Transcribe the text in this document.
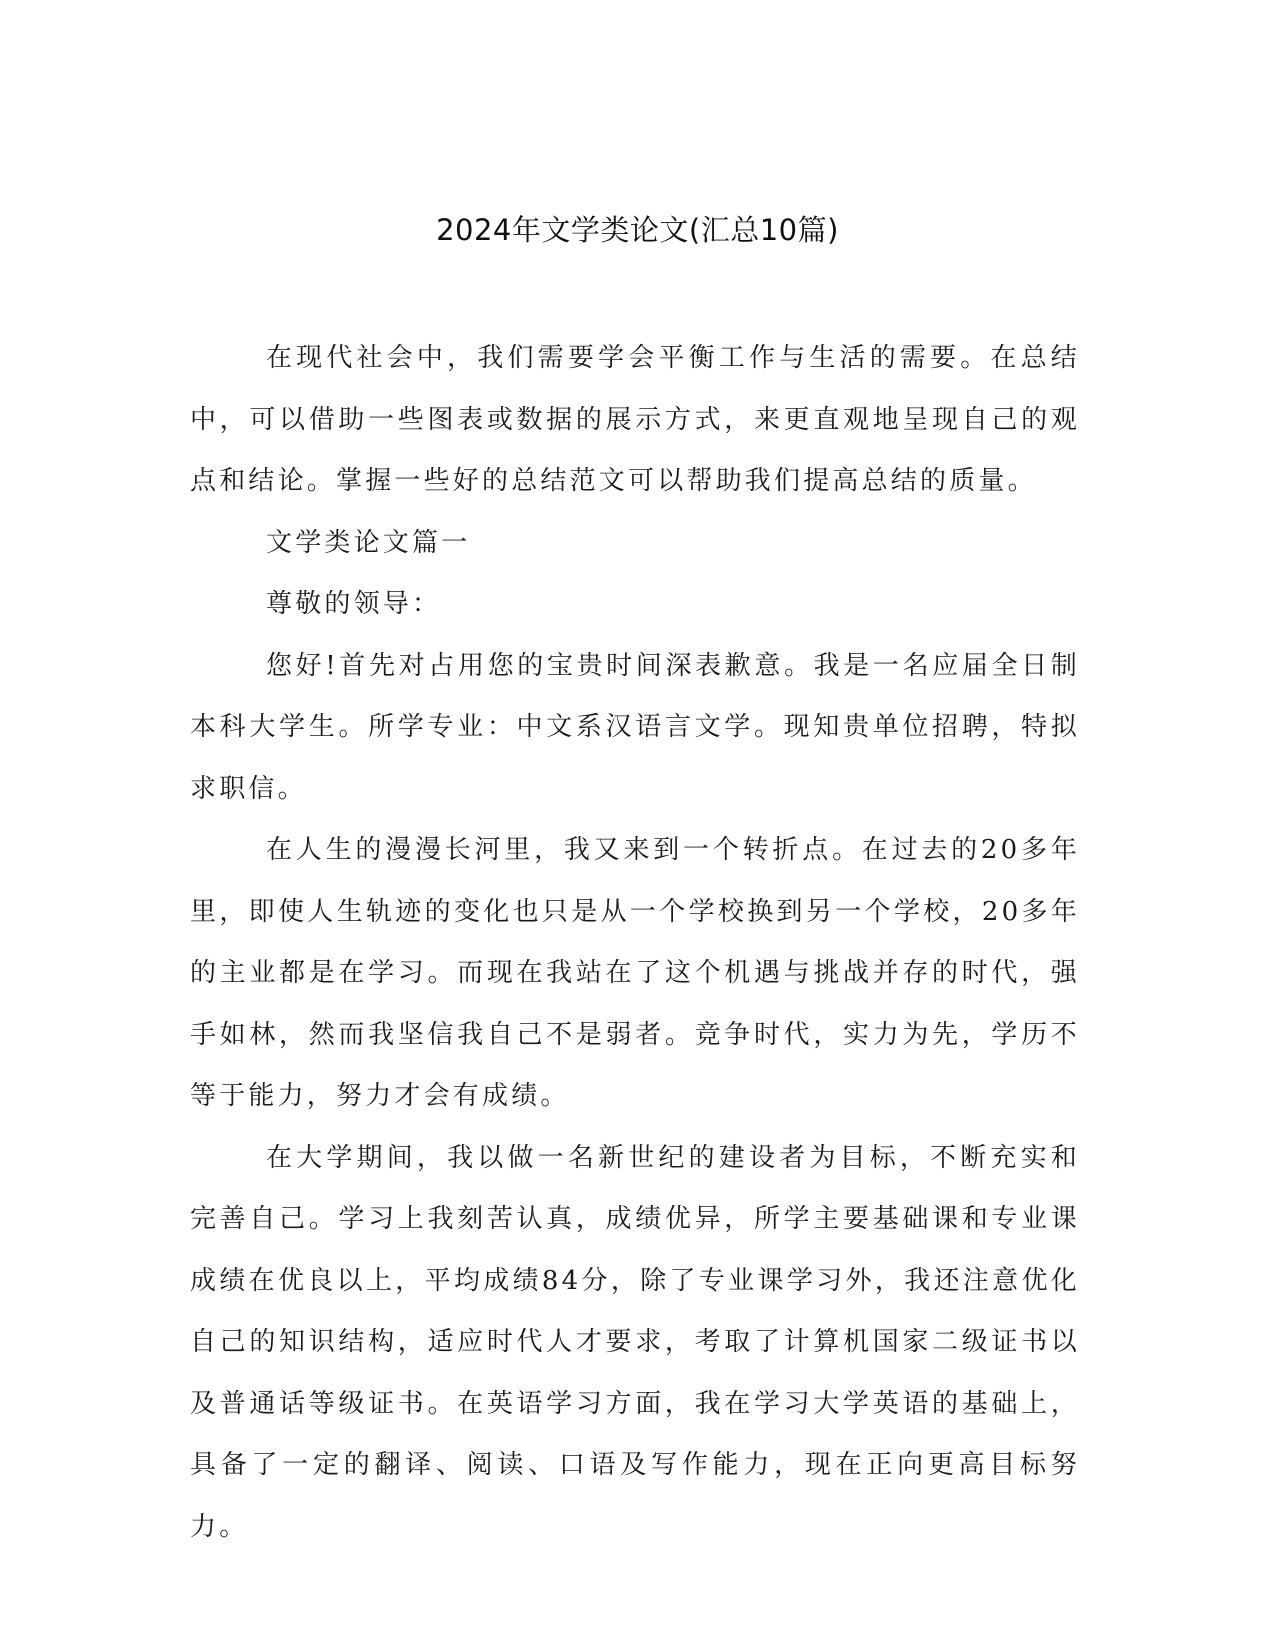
2024年文学类论文(汇总10篇)

在现代社会中，我们需要学会平衡工作与生活的需要。在总结中，可以借助一些图表或数据的展示方式，来更直观地呈现自己的观点和结论。掌握一些好的总结范文可以帮助我们提高总结的质量。

文学类论文篇一

尊敬的领导：

您好!首先对占用您的宝贵时间深表歉意。我是一名应届全日制本科大学生。所学专业：中文系汉语言文学。现知贵单位招聘，特拟求职信。

在人生的漫漫长河里，我又来到一个转折点。在过去的20多年里，即使人生轨迹的变化也只是从一个学校换到另一个学校，20多年的主业都是在学习。而现在我站在了这个机遇与挑战并存的时代，强手如林，然而我坚信我自己不是弱者。竞争时代，实力为先，学历不等于能力，努力才会有成绩。

在大学期间，我以做一名新世纪的建设者为目标，不断充实和完善自己。学习上我刻苦认真，成绩优异，所学主要基础课和专业课成绩在优良以上，平均成绩84分，除了专业课学习外，我还注意优化自己的知识结构，适应时代人才要求，考取了计算机国家二级证书以及普通话等级证书。在英语学习方面，我在学习大学英语的基础上，具备了一定的翻译、阅读、口语及写作能力，现在正向更高目标努力。
